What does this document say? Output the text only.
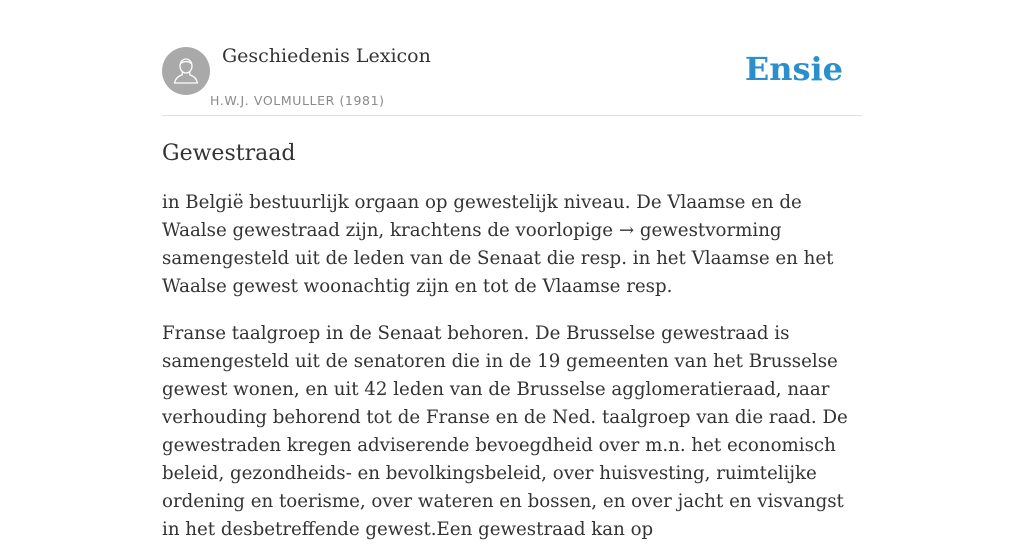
Geschiedenis Lexicon
H.W.J. VOLMULLER (1981)
Ensie
Gewestraad

in België bestuurlijk orgaan op gewestelijk niveau. De Vlaamse en de Waalse gewestraad zijn, krachtens de voorlopige → gewestvorming samengesteld uit de leden van de Senaat die resp. in het Vlaamse en het Waalse gewest woonachtig zijn en tot de Vlaamse resp.

Franse taalgroep in de Senaat behoren. De Brusselse gewestraad is samengesteld uit de senatoren die in de 19 gemeenten van het Brusselse gewest wonen, en uit 42 leden van de Brusselse agglomeratieraad, naar verhouding behorend tot de Franse en de Ned. taalgroep van die raad. De gewestraden kregen adviserende bevoegdheid over m.n. het economisch beleid, gezondheids- en bevolkingsbeleid, over huisvesting, ruimtelijke ordening en toerisme, over wateren en bossen, en over jacht en visvangst in het desbetreffende gewest.Een gewestraad kan op
